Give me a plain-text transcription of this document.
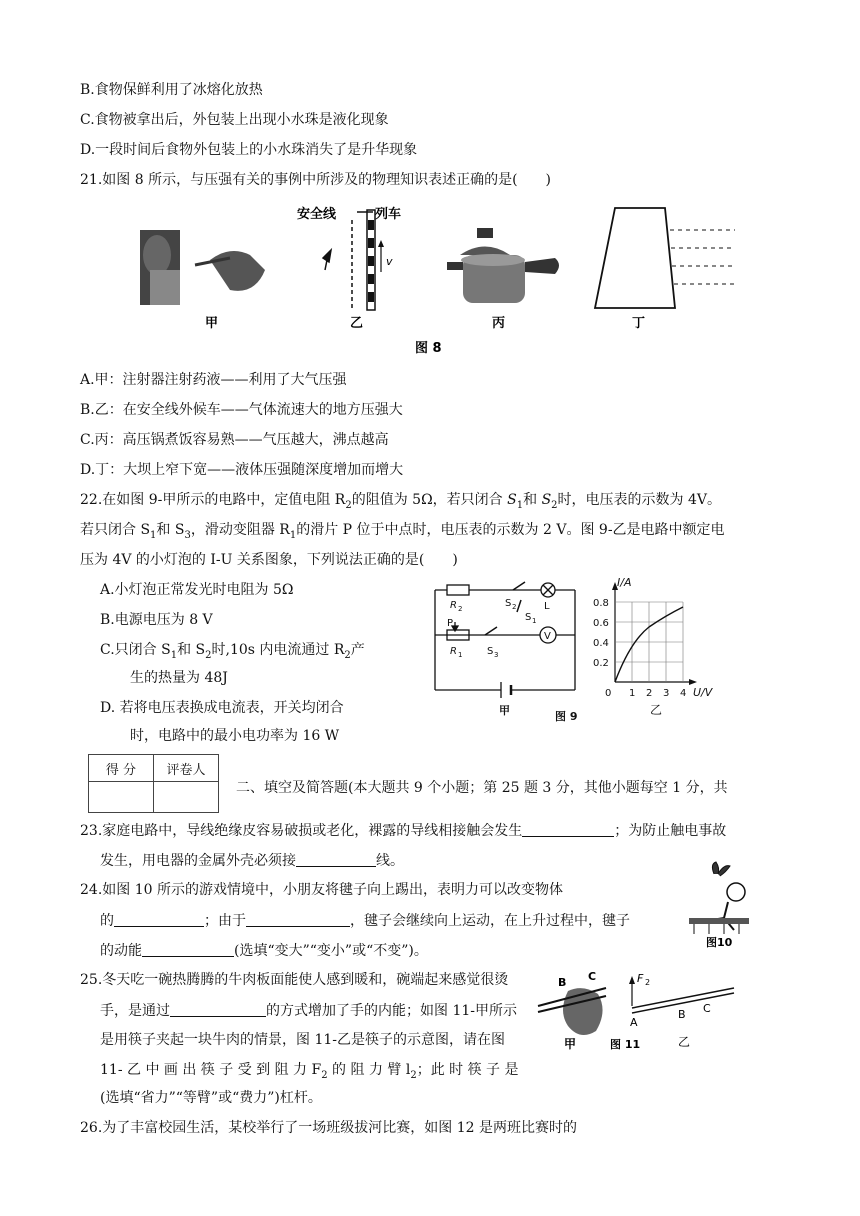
B.食物保鲜利用了冰熔化放热
C.食物被拿出后，外包装上出现小水珠是液化现象
D.一段时间后食物外包装上的小水珠消失了是升华现象
21.如图 8 所示，与压强有关的事例中所涉及的物理知识表述正确的是(　　)
甲
安全线	列车
v
乙	丙	丁
图 8
A.甲：注射器注射药液——利用了大气压强
B.乙：在安全线外候车——气体流速大的地方压强大
C.丙：高压锅煮饭容易熟——气压越大，沸点越高
D.丁：大坝上窄下宽——液体压强随深度增加而增大
22.在如图 9-甲所示的电路中，定值电阻 $R_2$的阻值为 5Ω，若只闭合 $S_1$和 $S_2$时，电压表的示数为 4V。
若只闭合 $S_1$和 $S_3$，滑动变阻器 $R_1$的滑片 P 位于中点时，电压表的示数为 2 V。图 9-乙是电路中额定电
压为 4V 的小灯泡的 I-U 关系图象，下列说法正确的是(　　)
A.小灯泡正常发光时电阻为 5Ω
B.电源电压为 8 V
C.只闭合 $S_1$和 $S_2$时,10s 内电流通过 $R_2$产
生的热量为 48J
D. 若将电压表换成电流表，开关均闭合
时，电路中的最小电功率为 16 W
R 2	S 2	L
S 1
V
P
R 1 S 3
甲
I/A
U/V
0.8
0.6
0.4
0.2
0 1 2 3 4
乙
图 9
得 分	评卷人

二、填空及简答题(本大题共 9 个小题；第 25 题 3 分，其他小题每空 1 分，共
23.家庭电路中，导线绝缘皮容易破损或老化，裸露的导线相接触会发生	；为防止触电事故
发生，用电器的金属外壳必须接	线。
24.如图 10 所示的游戏情境中，小朋友将毽子向上踢出，表明力可以改变物体
的	；由于	，毽子会继续向上运动，在上升过程中，毽子
的动能	(选填“变大”“变小”或“不变”)。
图10
25.冬天吃一碗热腾腾的牛肉板面能使人感到暖和，碗端起来感觉很烫
手，是通过	的方式增加了手的内能；如图 11-甲所示
是用筷子夹起一块牛肉的情景，图 11-乙是筷子的示意图，请在图
11- 乙 中 画 出 筷 子 受 到 阻 力 $F_2$ 的 阻 力 臂 $l_2$；此 时 筷 子 是
(选填“省力”“等臂”或“费力”)杠杆。
B C
甲
F 2
A
B C
乙
图 11
26.为了丰富校园生活，某校举行了一场班级拔河比赛，如图 12 是两班比赛时的
